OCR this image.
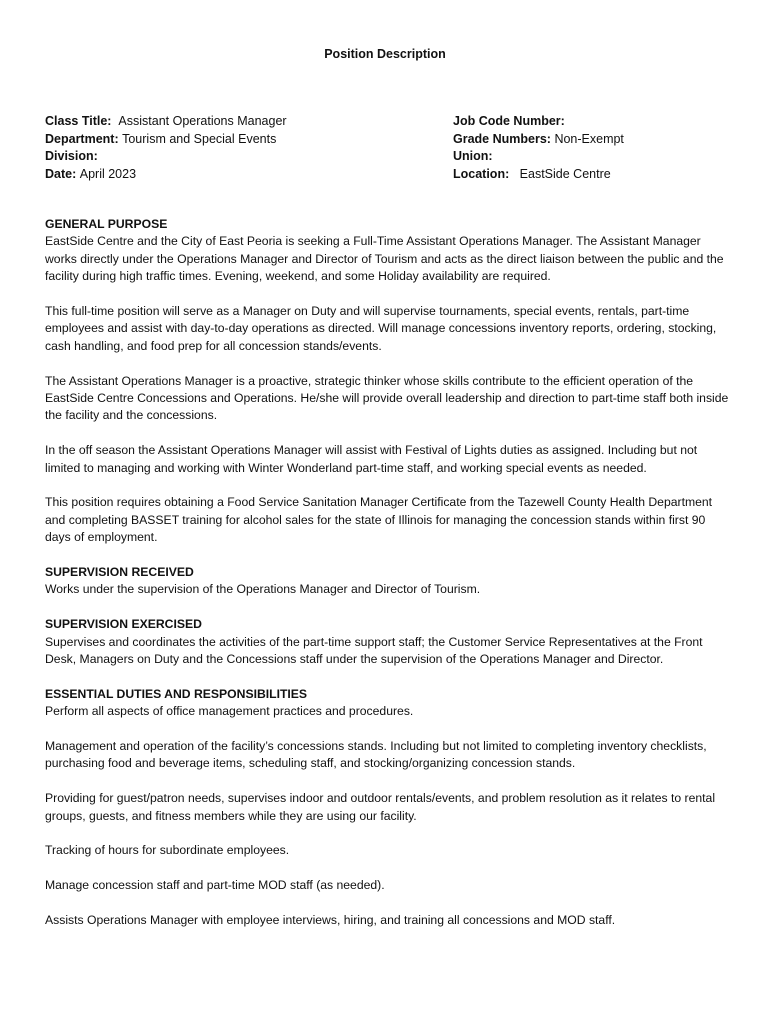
Position Description
Class Title: Assistant Operations Manager
Department: Tourism and Special Events
Division:
Date: April 2023
Job Code Number:
Grade Numbers: Non-Exempt
Union:
Location: EastSide Centre
GENERAL PURPOSE

EastSide Centre and the City of East Peoria is seeking a Full-Time Assistant Operations Manager. The Assistant Manager works directly under the Operations Manager and Director of Tourism and acts as the direct liaison between the public and the facility during high traffic times. Evening, weekend, and some Holiday availability are required.

This full-time position will serve as a Manager on Duty and will supervise tournaments, special events, rentals, part-time employees and assist with day-to-day operations as directed. Will manage concessions inventory reports, ordering, stocking, cash handling, and food prep for all concession stands/events.

The Assistant Operations Manager is a proactive, strategic thinker whose skills contribute to the efficient operation of the EastSide Centre Concessions and Operations. He/she will provide overall leadership and direction to part-time staff both inside the facility and the concessions.

In the off season the Assistant Operations Manager will assist with Festival of Lights duties as assigned. Including but not limited to managing and working with Winter Wonderland part-time staff, and working special events as needed.

This position requires obtaining a Food Service Sanitation Manager Certificate from the Tazewell County Health Department and completing BASSET training for alcohol sales for the state of Illinois for managing the concession stands within first 90 days of employment.

SUPERVISION RECEIVED

Works under the supervision of the Operations Manager and Director of Tourism.

SUPERVISION EXERCISED

Supervises and coordinates the activities of the part-time support staff; the Customer Service Representatives at the Front Desk, Managers on Duty and the Concessions staff under the supervision of the Operations Manager and Director.

ESSENTIAL DUTIES AND RESPONSIBILITIES

Perform all aspects of office management practices and procedures.

Management and operation of the facility’s concessions stands. Including but not limited to completing inventory checklists, purchasing food and beverage items, scheduling staff, and stocking/organizing concession stands.

Providing for guest/patron needs, supervises indoor and outdoor rentals/events, and problem resolution as it relates to rental groups, guests, and fitness members while they are using our facility.

Tracking of hours for subordinate employees.

Manage concession staff and part-time MOD staff (as needed).

Assists Operations Manager with employee interviews, hiring, and training all concessions and MOD staff.
